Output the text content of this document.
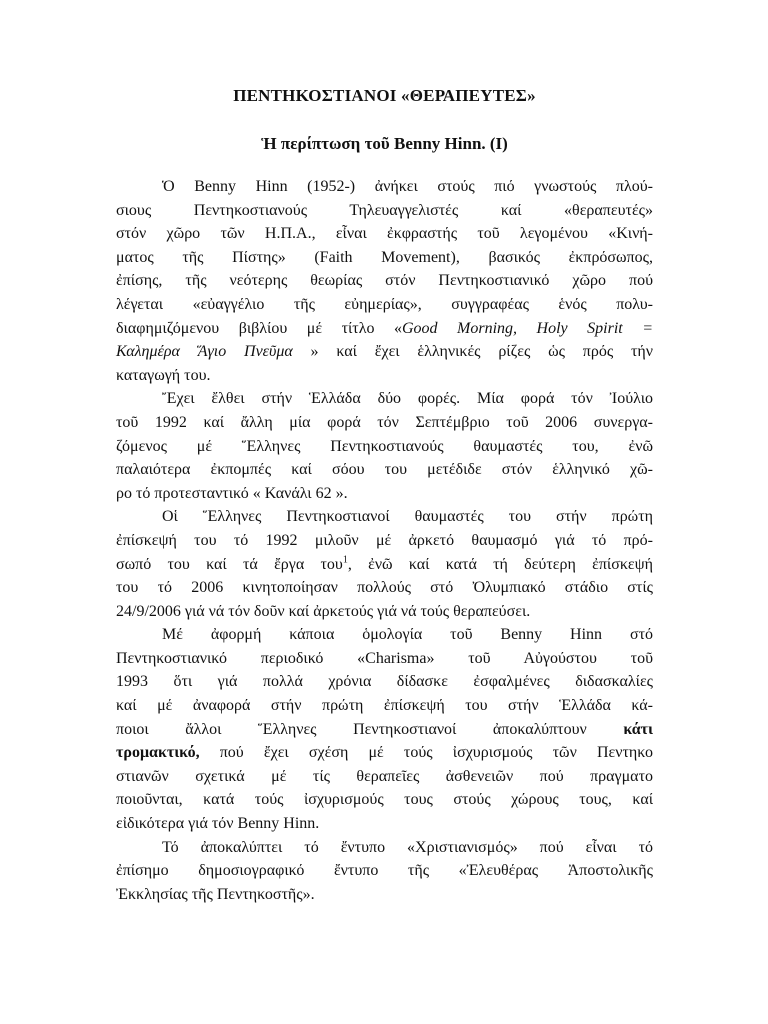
ΠΕΝΤΗΚΟΣΤΙΑΝΟΙ «ΘΕΡΑΠΕΥΤΕΣ»
Ἡ περίπτωση τοῦ Benny Hinn. (I)
Ὁ Benny Hinn (1952-) ἀνήκει στούς πιό γνωστούς πλού-
σιους Πεντηκοστιανούς Τηλευαγγελιστές καί «θεραπευτές»
στόν χῶρο τῶν Η.Π.Α., εἶναι ἐκφραστής τοῦ λεγομένου «Κινή-
ματος τῆς Πίστης» (Faith Movement), βασικός ἐκπρόσωπος,
ἐπίσης, τῆς νεότερης θεωρίας στόν Πεντηκοστιανικό χῶρο πού
λέγεται «εὐαγγέλιο τῆς εὐημερίας», συγγραφέας ἑνός πολυ-
διαφημιζόμενου βιβλίου μέ τίτλο «Good Morning, Holy Spirit =
Καλημέρα Ἅγιο Πνεῦμα » καί ἔχει ἑλληνικές ρίζες ὡς πρός τήν
καταγωγή του.
Ἔχει ἔλθει στήν Ἑλλάδα δύο φορές. Μία φορά τόν Ἰούλιο
τοῦ 1992 καί ἄλλη μία φορά τόν Σεπτέμβριο τοῦ 2006 συνεργα-
ζόμενος μέ Ἕλληνες Πεντηκοστιανούς θαυμαστές του, ἐνῶ
παλαιότερα ἐκπομπές καί σόου του μετέδιδε στόν ἑλληνικό χῶ-
ρο τό προτεσταντικό « Κανάλι 62 ».
Οἱ Ἕλληνες Πεντηκοστιανοί θαυμαστές του στήν πρώτη
ἐπίσκεψή του τό 1992 μιλοῦν μέ ἀρκετό θαυμασμό γιά τό πρό-
σωπό του καί τά ἔργα του$^1$, ἐνῶ καί κατά τή δεύτερη ἐπίσκεψή
του τό 2006 κινητοποίησαν πολλούς στό Ὀλυμπιακό στάδιο στίς
24/9/2006 γιά νά τόν δοῦν καί ἀρκετούς γιά νά τούς θεραπεύσει.
Μέ ἀφορμή κάποια ὁμολογία τοῦ Benny Hinn στό
Πεντηκοστιανικό περιοδικό «Charisma» τοῦ Αὐγούστου τοῦ
1993 ὅτι γιά πολλά χρόνια δίδασκε ἐσφαλμένες διδασκαλίες
καί μέ ἀναφορά στήν πρώτη ἐπίσκεψή του στήν Ἑλλάδα κά-
ποιοι ἄλλοι Ἕλληνες Πεντηκοστιανοί ἀποκαλύπτουν κάτι
τρομακτικό, πού ἔχει σχέση μέ τούς ἰσχυρισμούς τῶν Πεντηκο
στιανῶν σχετικά μέ τίς θεραπεῖες ἀσθενειῶν πού πραγματο
ποιοῦνται, κατά τούς ἰσχυρισμούς τους στούς χώρους τους, καί
εἰδικότερα γιά τόν Benny Hinn.
Τό ἀποκαλύπτει τό ἔντυπο «Χριστιανισμός» πού εἶναι τό
ἐπίσημο δημοσιογραφικό ἔντυπο τῆς «Ἐλευθέρας Ἀποστολικῆς
Ἐκκλησίας τῆς Πεντηκοστῆς».
